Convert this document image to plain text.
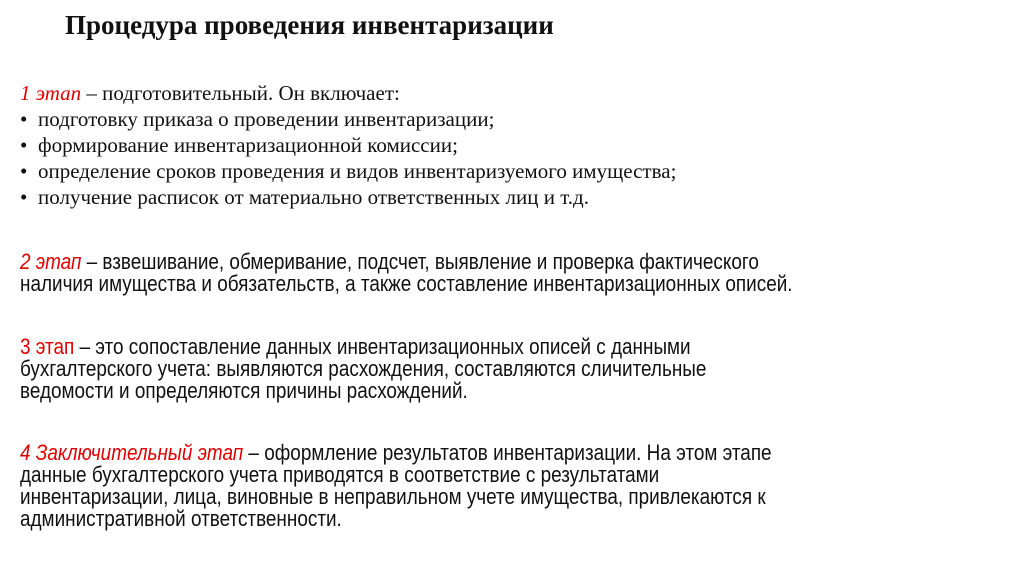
Процедура проведения инвентаризации
1 этап – подготовительный. Он включает:
• подготовку приказа о проведении инвентаризации;
• формирование инвентаризационной комиссии;
• определение сроков проведения и видов инвентаризуемого имущества;
• получение расписок от материально ответственных лиц и т.д.
2 этап – взвешивание, обмеривание, подсчет, выявление и проверка фактического
наличия имущества и обязательств, а также составление инвентаризационных описей.
3 этап – это сопоставление данных инвентаризационных описей с данными
бухгалтерского учета: выявляются расхождения, составляются сличительные
ведомости и определяются причины расхождений.
4 Заключительный этап – оформление результатов инвентаризации. На этом этапе
данные бухгалтерского учета приводятся в соответствие с результатами
инвентаризации, лица, виновные в неправильном учете имущества, привлекаются к
административной ответственности.
